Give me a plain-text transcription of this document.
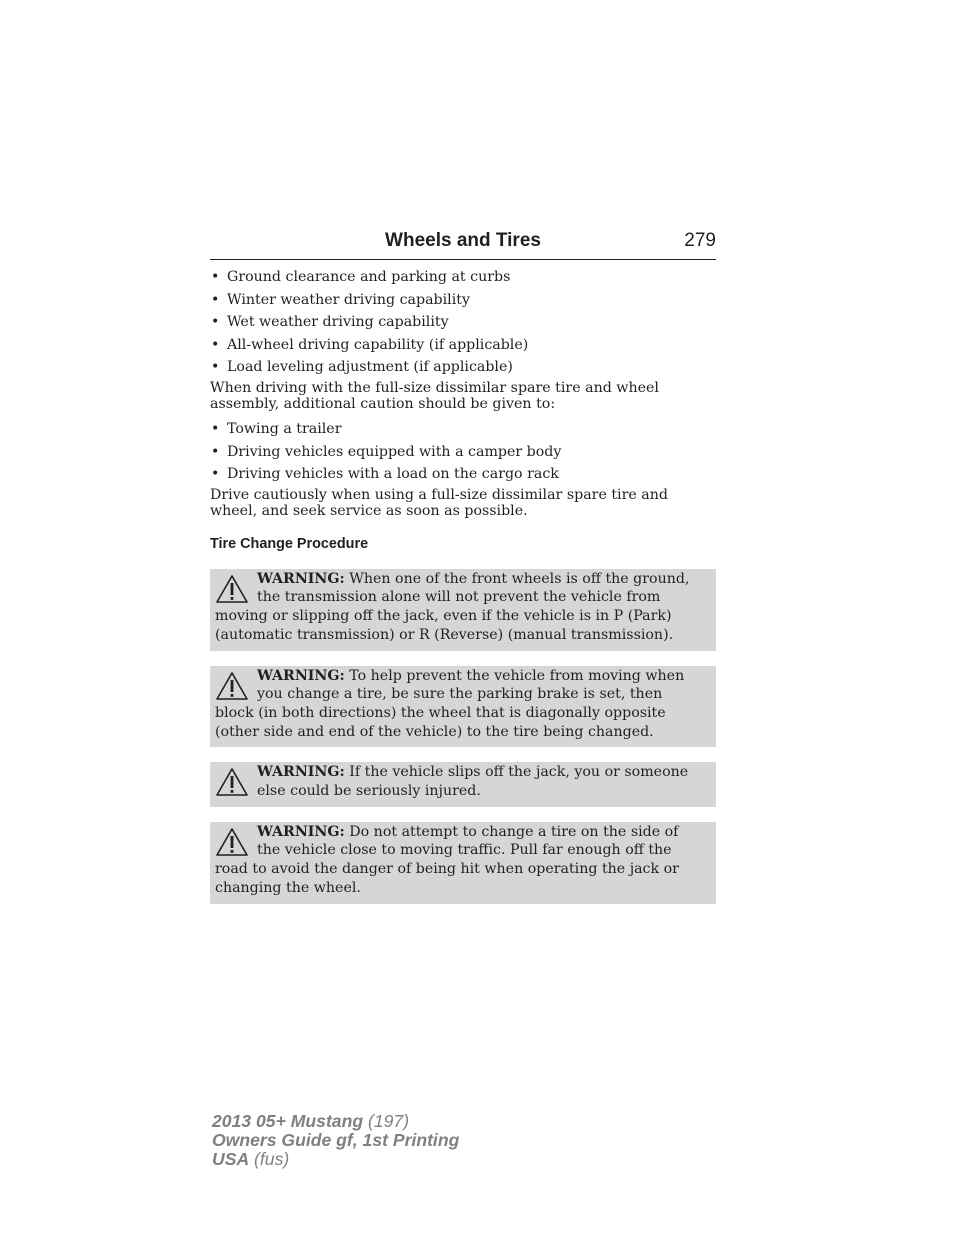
Wheels and Tires	279
• Ground clearance and parking at curbs
• Winter weather driving capability
• Wet weather driving capability
• All-wheel driving capability (if applicable)
• Load leveling adjustment (if applicable)

When driving with the full-size dissimilar spare tire and wheel assembly, additional caution should be given to:

• Towing a trailer
• Driving vehicles equipped with a camper body
• Driving vehicles with a load on the cargo rack

Drive cautiously when using a full-size dissimilar spare tire and wheel, and seek service as soon as possible.

Tire Change Procedure
WARNING: When one of the front wheels is off the ground, the transmission alone will not prevent the vehicle from moving or slipping off the jack, even if the vehicle is in P (Park) (automatic transmission) or R (Reverse) (manual transmission).
WARNING: To help prevent the vehicle from moving when you change a tire, be sure the parking brake is set, then block (in both directions) the wheel that is diagonally opposite (other side and end of the vehicle) to the tire being changed.
WARNING: If the vehicle slips off the jack, you or someone else could be seriously injured.
WARNING: Do not attempt to change a tire on the side of the vehicle close to moving traffic. Pull far enough off the road to avoid the danger of being hit when operating the jack or changing the wheel.
2013 05+ Mustang (197)
Owners Guide gf, 1st Printing
USA (fus)
